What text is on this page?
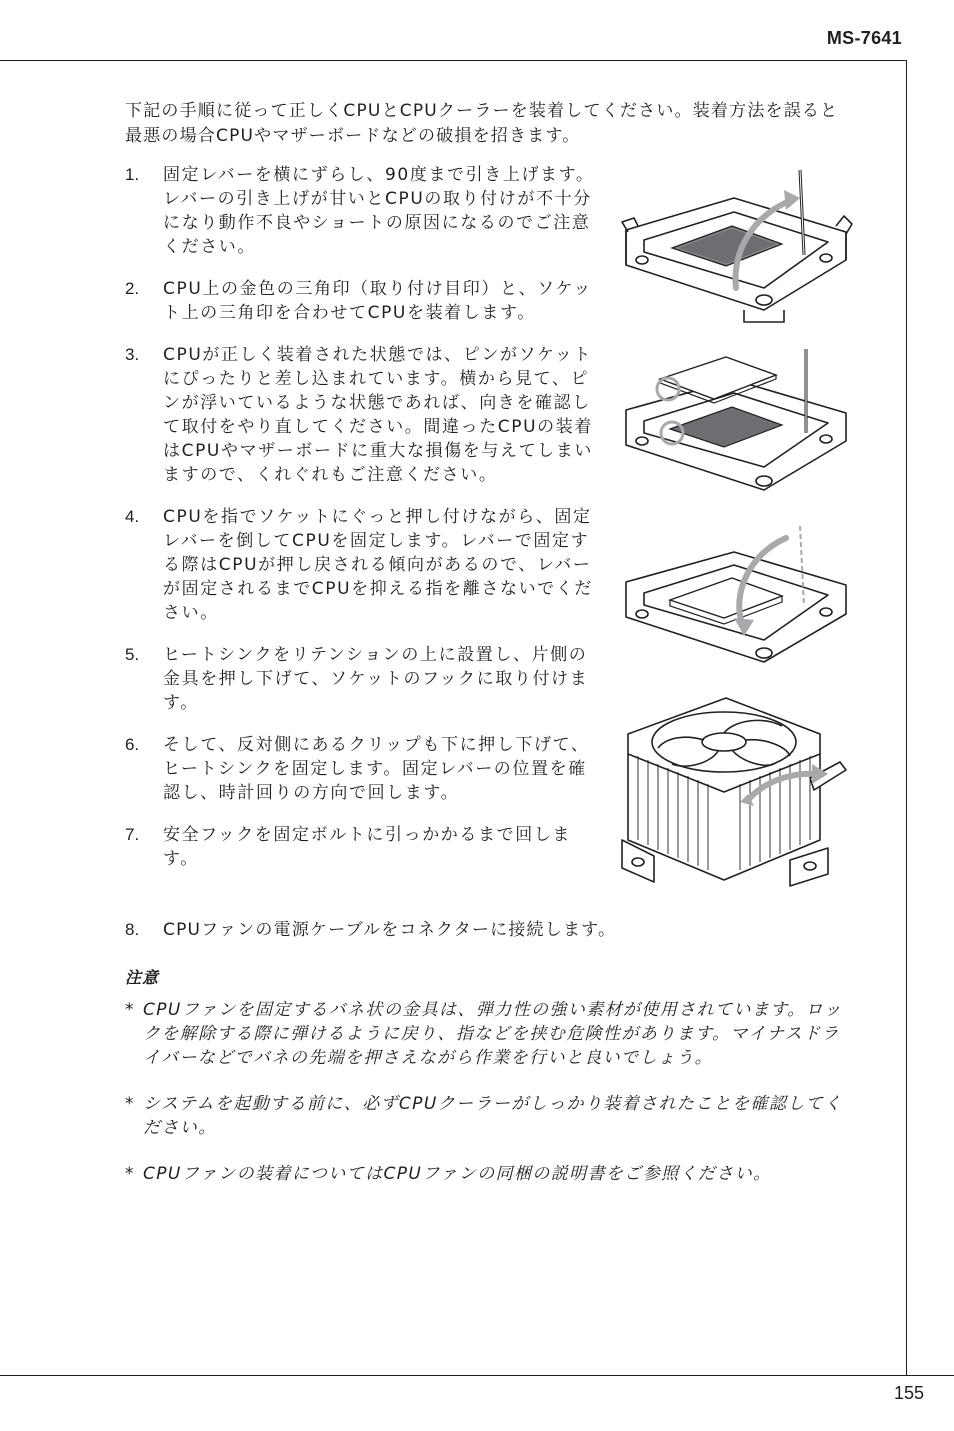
MS-7641

下記の手順に従って正しくCPUとCPUクーラーを装着してください。装着方法を誤ると最悪の場合CPUやマザーボードなどの破損を招きます。

1. 固定レバーを横にずらし、90度まで引き上げます。レバーの引き上げが甘いとCPUの取り付けが不十分になり動作不良やショートの原因になるのでご注意ください。
2. CPU上の金色の三角印（取り付け目印）と、ソケット上の三角印を合わせてCPUを装着します。
3. CPUが正しく装着された状態では、ピンがソケットにぴったりと差し込まれています。横から見て、ピンが浮いているような状態であれば、向きを確認して取付をやり直してください。間違ったCPUの装着はCPUやマザーボードに重大な損傷を与えてしまいますので、くれぐれもご注意ください。
4. CPUを指でソケットにぐっと押し付けながら、固定レバーを倒してCPUを固定します。レバーで固定する際はCPUが押し戻される傾向があるので、レバーが固定されるまでCPUを抑える指を離さないでください。
5. ヒートシンクをリテンションの上に設置し、片側の金具を押し下げて、ソケットのフックに取り付けます。
6. そして、反対側にあるクリップも下に押し下げて、ヒートシンクを固定します。固定レバーの位置を確認し、時計回りの方向で回します。
7. 安全フックを固定ボルトに引っかかるまで回します。
8. CPUファンの電源ケーブルをコネクターに接続します。
注意
* CPUファンを固定するバネ状の金具は、弾力性の強い素材が使用されています。ロックを解除する際に弾けるように戻り、指などを挟む危険性があります。マイナスドライバーなどでバネの先端を押さえながら作業を行いと良いでしょう。
* システムを起動する前に、必ずCPUクーラーがしっかり装着されたことを確認してください。
* CPUファンの装着についてはCPUファンの同梱の説明書をご参照ください。
155
